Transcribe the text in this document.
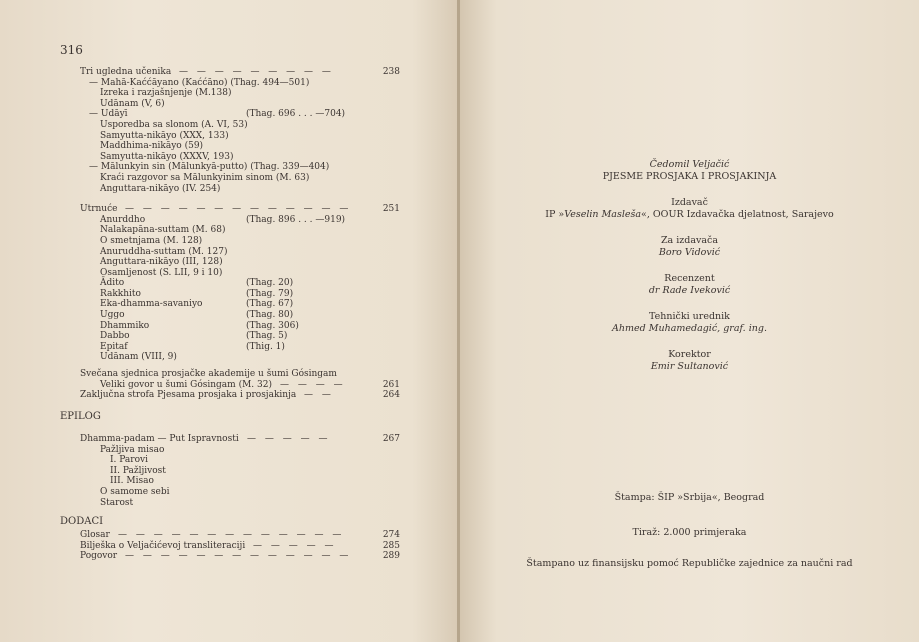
316
Tri ugledna učenika — — — — — — — — —	238
— Mahā-Kaććāyano (Kaććāno) (Thag. 494—501)
Izreka i razjašnjenje (M.138)
Udānam (V, 6)
— Udāyī	(Thag. 696 . . . —704)
Usporedba sa slonom (A. VI, 53)
Samyutta-nikāyo (XXX, 133)
Maddhima-nikāyo (59)
Samyutta-nikāyo (XXXV, 193)
— Mālunkyin sin (Mālunkyā-putto) (Thag. 339—404)
Kraći razgovor sa Mālunkyinim sinom (M. 63)
Anguttara-nikāyo (IV. 254)
Utrnuće — — — — — — — — — — — — —	251
Anurddho	(Thag. 896 . . . —919)
Nalakapāna-suttam (M. 68)
O smetnjama (M. 128)
Anuruddha-suttam (M. 127)
Anguttara-nikāyo (III, 128)
Osamljenost (S. LII, 9 i 10)
Ādito	(Thag. 20)
Rakkhito	(Thag. 79)
Eka-dhamma-savaniyo	(Thag. 67)
Uggo	(Thag. 80)
Dhammiko	(Thag. 306)
Dabbo	(Thag. 5)
Epitaf	(Thig. 1)
Udānam (VIII, 9)
Svečana sjednica prosjačke akademije u šumi Gósingam
Veliki govor u šumi Gósingam (M. 32) — — — —	261
Zaključna strofa Pjesama prosjaka i prosjakinja — —	264
EPILOG
Dhamma-padam — Put Ispravnosti — — — — —	267
Pažljiva misao
I. Parovi
II. Pažljivost
III. Misao
O samome sebi
Starost
DODACI
Glosar — — — — — — — — — — — — —	274
Bilješka o Veljačićevoj transliteraciji — — — — —	285
Pogovor — — — — — — — — — — — — —	289
Čedomil Veljačić
PJESME PROSJAKA I PROSJAKINJA
Izdavač
IP »Veselin Masleša«, OOUR Izdavačka djelatnost, Sarajevo
Za izdavača
Boro Vidović
Recenzent
dr Rade Iveković
Tehnički urednik
Ahmed Muhamedagić, graf. ing.
Korektor
Emir Sultanović
Štampa: ŠIP »Srbija«, Beograd
Tiraž: 2.000 primjeraka
Štampano uz finansijsku pomoć Republičke zajednice za naučni rad
